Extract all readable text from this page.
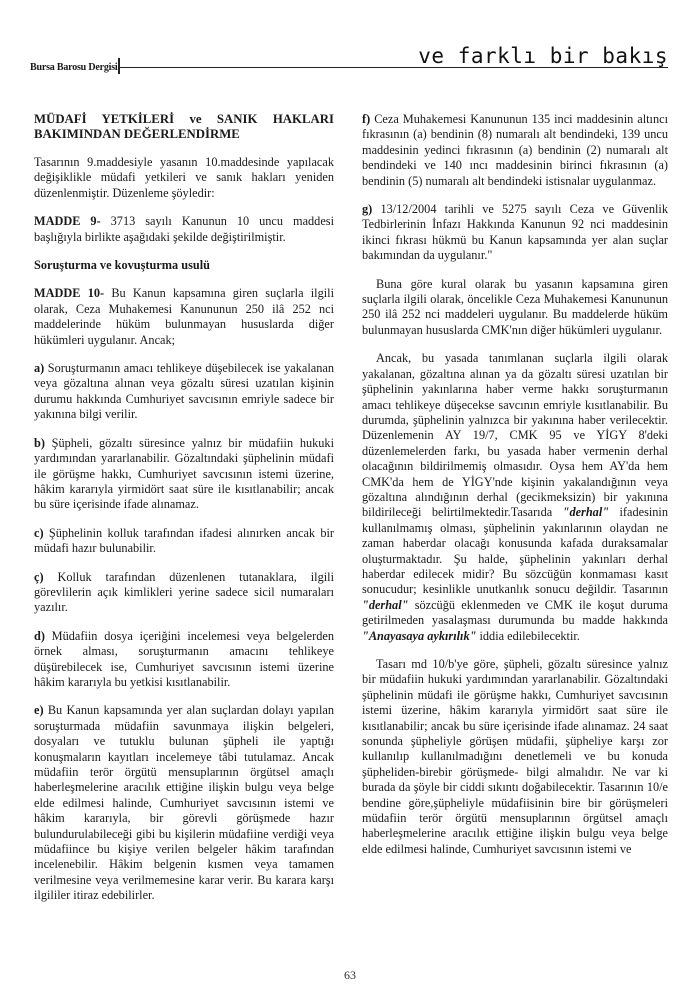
Bursa Barosu Dergisi	ve farklı bir bakış

MÜDAFİ YETKİLERİ ve SANIK HAKLARI BAKIMINDAN DEĞERLENDİRME

Tasarının 9.maddesiyle yasanın 10.maddesinde yapılacak değişiklikle müdafi yetkileri ve sanık hakları yeniden düzenlenmiştir. Düzenleme şöyledir:

MADDE 9- 3713 sayılı Kanunun 10 uncu maddesi başlığıyla birlikte aşağıdaki şekilde değiştirilmiştir.

Soruşturma ve kovuşturma usulü

MADDE 10- Bu Kanun kapsamına giren suçlarla ilgili olarak, Ceza Muhakemesi Kanununun 250 ilâ 252 nci maddelerinde hüküm bulunmayan hususlarda diğer hükümleri uygulanır. Ancak;

a) Soruşturmanın amacı tehlikeye düşebilecek ise yakalanan veya gözaltına alınan veya gözaltı süresi uzatılan kişinin durumu hakkında Cumhuriyet savcısının emriyle sadece bir yakınına bilgi verilir.

b) Şüpheli, gözaltı süresince yalnız bir müdafiin hukuki yardımından yararlanabilir. Gözaltındaki şüphelinin müdafi ile görüşme hakkı, Cumhuriyet savcısının istemi üzerine, hâkim kararıyla yirmidört saat süre ile kısıtlanabilir; ancak bu süre içerisinde ifade alınamaz.

c) Şüphelinin kolluk tarafından ifadesi alınırken ancak bir müdafi hazır bulunabilir.

ç) Kolluk tarafından düzenlenen tutanaklara, ilgili görevlilerin açık kimlikleri yerine sadece sicil numaraları yazılır.

d) Müdafiin dosya içeriğini incelemesi veya belgelerden örnek alması, soruşturmanın amacını tehlikeye düşürebilecek ise, Cumhuriyet savcısının istemi üzerine hâkim kararıyla bu yetkisi kısıtlanabilir.

e) Bu Kanun kapsamında yer alan suçlardan dolayı yapılan soruşturmada müdafiin savunmaya ilişkin belgeleri, dosyaları ve tutuklu bulunan şüpheli ile yaptığı konuşmaların kayıtları incelemeye tâbi tutulamaz. Ancak müdafiin terör örgütü mensuplarının örgütsel amaçlı haberleşmelerine aracılık ettiğine ilişkin bulgu veya belge elde edilmesi halinde, Cumhuriyet savcısının istemi ve hâkim kararıyla, bir görevli görüşmede hazır bulundurulabileceği gibi bu kişilerin müdafiine verdiği veya müdafiince bu kişiye verilen belgeler hâkim tarafından incelenebilir. Hâkim belgenin kısmen veya tamamen verilmesine veya verilmemesine karar verir. Bu karara karşı ilgililer itiraz edebilirler.

f) Ceza Muhakemesi Kanununun 135 inci maddesinin altıncı fıkrasının (a) bendinin (8) numaralı alt bendindeki, 139 uncu maddesinin yedinci fıkrasının (a) bendinin (2) numaralı alt bendindeki ve 140 ıncı maddesinin birinci fıkrasının (a) bendinin (5) numaralı alt bendindeki istisnalar uygulanmaz.

g) 13/12/2004 tarihli ve 5275 sayılı Ceza ve Güvenlik Tedbirlerinin İnfazı Hakkında Kanunun 92 nci maddesinin ikinci fıkrası hükmü bu Kanun kapsamında yer alan suçlar bakımından da uygulanır."

Buna göre kural olarak bu yasanın kapsamına giren suçlarla ilgili olarak, öncelikle Ceza Muhakemesi Kanununun 250 ilâ 252 nci maddeleri uygulanır. Bu maddelerde hüküm bulunmayan hususlarda CMK'nın diğer hükümleri uygulanır.

Ancak, bu yasada tanımlanan suçlarla ilgili olarak yakalanan, gözaltına alınan ya da gözaltı süresi uzatılan bir şüphelinin yakınlarına haber verme hakkı soruşturmanın amacı tehlikeye düşecekse savcının emriyle kısıtlanabilir. Bu durumda, şüphelinin yalnızca bir yakınına haber verilecektir. Düzenlemenin AY 19/7, CMK 95 ve YİGY 8'deki düzenlemelerden farkı, bu yasada haber vermenin derhal olacağının bildirilmemiş olmasıdır. Oysa hem AY'da hem CMK'da hem de YİGY'nde kişinin yakalandığının veya gözaltına alındığının derhal (gecikmeksizin) bir yakınına bildirileceği belirtilmektedir.Tasarıda "derhal" ifadesinin kullanılmamış olması, şüphelinin yakınlarının olaydan ne zaman haberdar olacağı konusunda kafada duraksamalar oluşturmaktadır. Şu halde, şüphelinin yakınları derhal haberdar edilecek midir? Bu sözcüğün konmaması kasıt sonucudur; kesinlikle unutkanlık sonucu değildir. Tasarının "derhal" sözcüğü eklenmeden ve CMK ile koşut duruma getirilmeden yasalaşması durumunda bu madde hakkında "Anayasaya aykırılık" iddia edilebilecektir.

Tasarı md 10/b'ye göre, şüpheli, gözaltı süresince yalnız bir müdafiin hukuki yardımından yararlanabilir. Gözaltındaki şüphelinin müdafi ile görüşme hakkı, Cumhuriyet savcısının istemi üzerine, hâkim kararıyla yirmidört saat süre ile kısıtlanabilir; ancak bu süre içerisinde ifade alınamaz. 24 saat sonunda şüpheliyle görüşen müdafii, şüpheliye karşı zor kullanılıp kullanılmadığını denetlemeli ve bu konuda şüpheliden-birebir görüşmede- bilgi almalıdır. Ne var ki burada da şöyle bir ciddi sıkıntı doğabilecektir. Tasarının 10/e bendine göre,şüpheliyle müdafiisinin bire bir görüşmeleri müdafiin terör örgütü mensuplarının örgütsel amaçlı haberleşmelerine aracılık ettiğine ilişkin bulgu veya belge elde edilmesi halinde, Cumhuriyet savcısının istemi ve

63
